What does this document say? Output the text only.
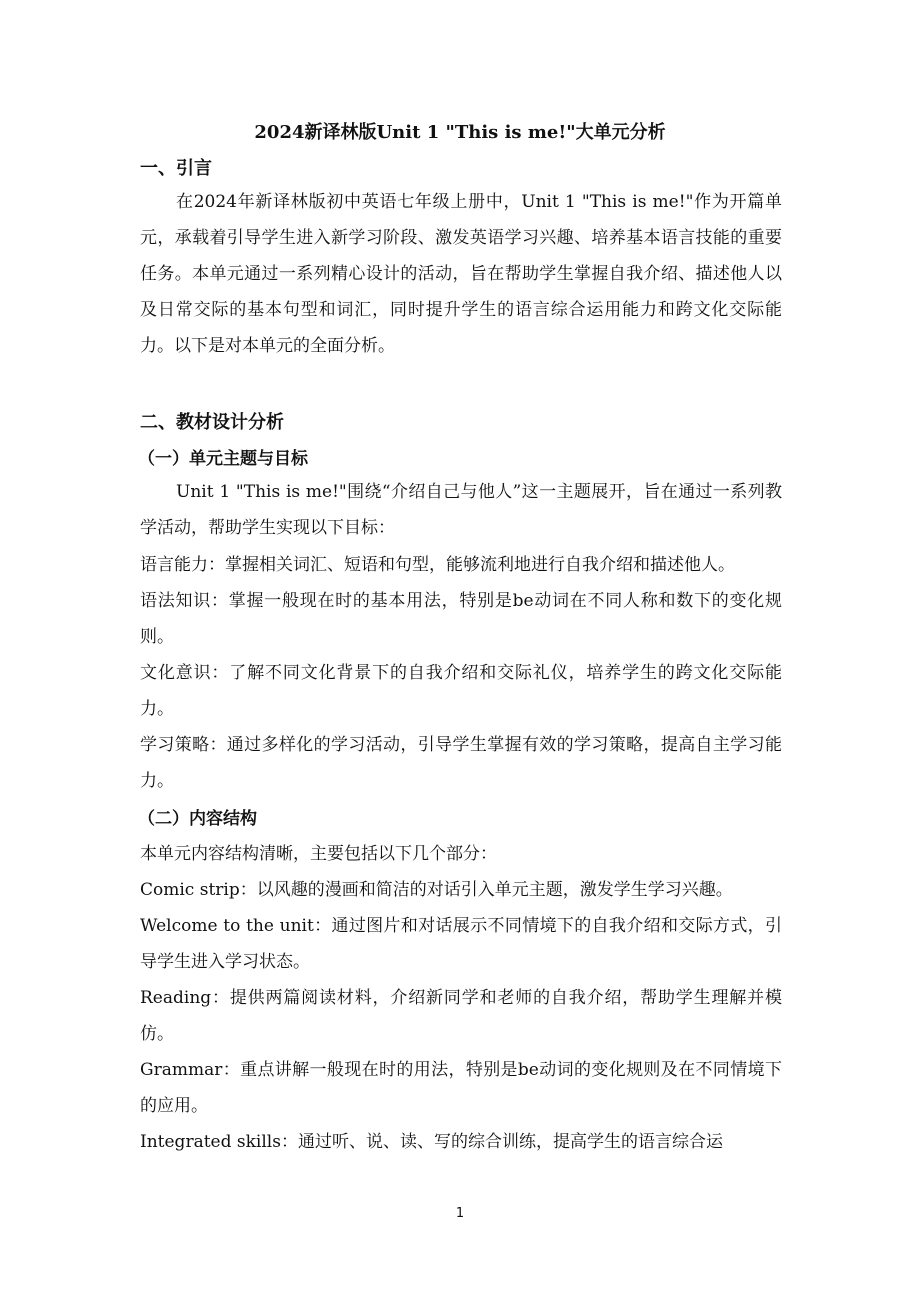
2024新译林版Unit 1 "This is me!"大单元分析
一、引言

在2024年新译林版初中英语七年级上册中，Unit 1 "This is me!"作为开篇单元，承载着引导学生进入新学习阶段、激发英语学习兴趣、培养基本语言技能的重要任务。本单元通过一系列精心设计的活动，旨在帮助学生掌握自我介绍、描述他人以及日常交际的基本句型和词汇，同时提升学生的语言综合运用能力和跨文化交际能力。以下是对本单元的全面分析。

二、教材设计分析
（一）单元主题与目标

Unit 1 "This is me!"围绕“介绍自己与他人”这一主题展开，旨在通过一系列教学活动，帮助学生实现以下目标：

语言能力：掌握相关词汇、短语和句型，能够流利地进行自我介绍和描述他人。

语法知识：掌握一般现在时的基本用法，特别是be动词在不同人称和数下的变化规则。

文化意识：了解不同文化背景下的自我介绍和交际礼仪，培养学生的跨文化交际能力。

学习策略：通过多样化的学习活动，引导学生掌握有效的学习策略，提高自主学习能力。

（二）内容结构

本单元内容结构清晰，主要包括以下几个部分：

Comic strip：以风趣的漫画和简洁的对话引入单元主题，激发学生学习兴趣。

Welcome to the unit：通过图片和对话展示不同情境下的自我介绍和交际方式，引导学生进入学习状态。

Reading：提供两篇阅读材料，介绍新同学和老师的自我介绍，帮助学生理解并模仿。

Grammar：重点讲解一般现在时的用法，特别是be动词的变化规则及在不同情境下的应用。

Integrated skills：通过听、说、读、写的综合训练，提高学生的语言综合运

1
